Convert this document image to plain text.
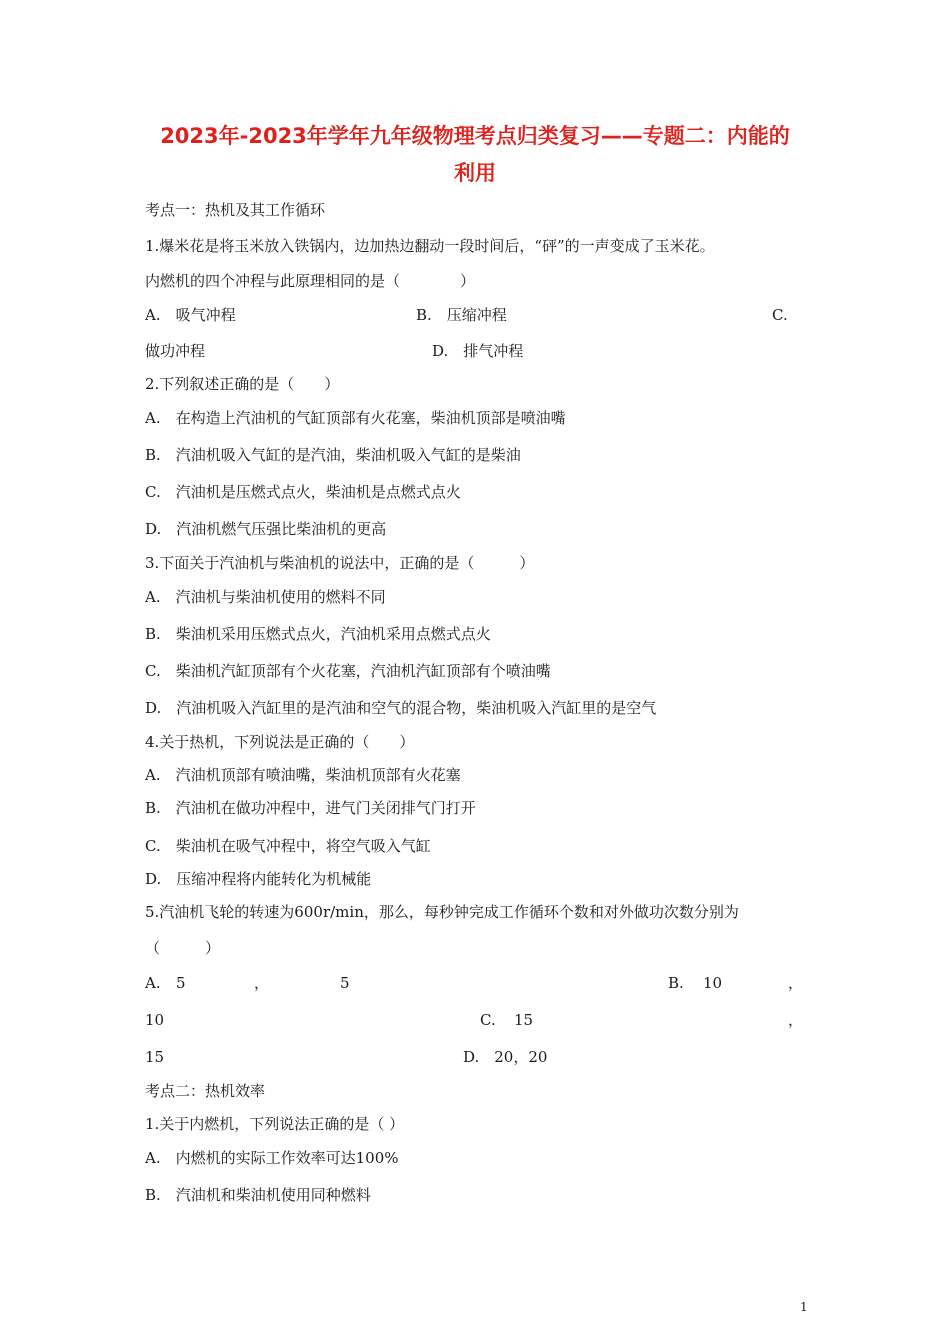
2023年-2023年学年九年级物理考点归类复习——专题二：内能的
利用
考点一：热机及其工作循环
1.爆米花是将玉米放入铁锅内，边加热边翻动一段时间后，“砰”的一声变成了玉米花。
内燃机的四个冲程与此原理相同的是（　　　　）
A.　吸气冲程	B.　压缩冲程	C.
做功冲程	D.　排气冲程
2.下列叙述正确的是（　　）
A.　在构造上汽油机的气缸顶部有火花塞，柴油机顶部是喷油嘴
B.　汽油机吸入气缸的是汽油，柴油机吸入气缸的是柴油
C.　汽油机是压燃式点火，柴油机是点燃式点火
D.　汽油机燃气压强比柴油机的更高
3.下面关于汽油机与柴油机的说法中，正确的是（　　　）
A.　汽油机与柴油机使用的燃料不同
B.　柴油机采用压燃式点火，汽油机采用点燃式点火
C.　柴油机汽缸顶部有个火花塞，汽油机汽缸顶部有个喷油嘴
D.　汽油机吸入汽缸里的是汽油和空气的混合物，柴油机吸入汽缸里的是空气
4.关于热机，下列说法是正确的（　　）
A.　汽油机顶部有喷油嘴，柴油机顶部有火花塞
B.　汽油机在做功冲程中，进气门关闭排气门打开
C.　柴油机在吸气冲程中，将空气吸入气缸
D.　压缩冲程将内能转化为机械能
5.汽油机飞轮的转速为600r/min，那么，每秒钟完成工作循环个数和对外做功次数分别为
（　　　）
A. 5	，	5	B. 10	，
10	C. 15	，
15	D.　20，20
考点二：热机效率
1.关于内燃机，下列说法正确的是（ ）
A.　内燃机的实际工作效率可达100%
B.　汽油机和柴油机使用同种燃料
1
